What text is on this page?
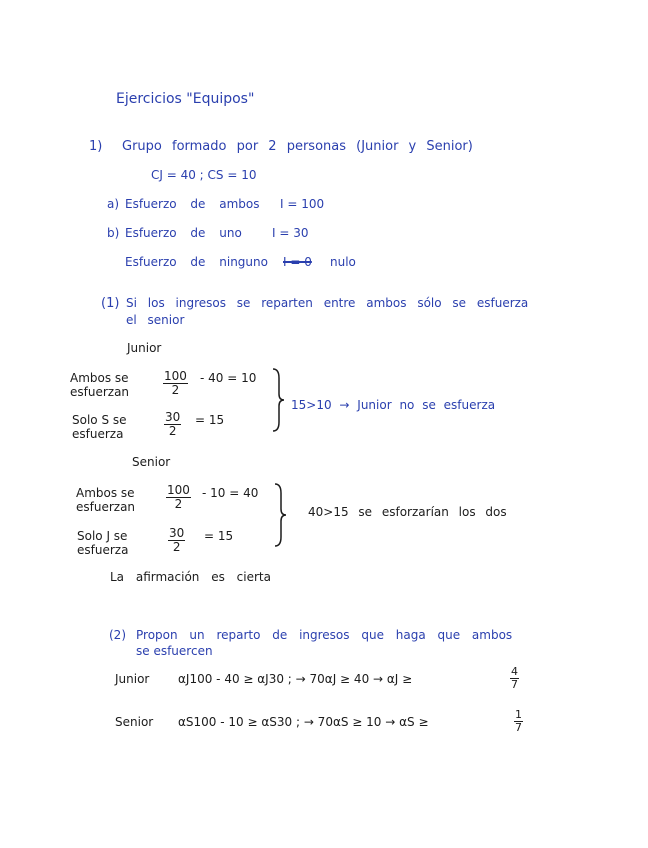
Ejercicios "Equipos"
1) Grupo formado por 2 personas (Junior y Senior)
CJ = 40 ; CS = 10
a) Esfuerzo de ambos I = 100
b) Esfuerzo de uno	I = 30
Esfuerzo de ninguno I = 0 nulo
(1) Si los ingresos se reparten entre ambos sólo se esfuerza
el senior
Junior
Ambos se
esfuerzan	$\frac{100}{2} - 40 = 10$
Solo S se
esfuerza	$\frac{30}{2} = 15$
15>10 → Junior no se esfuerza
Senior
Ambos se
esfuerzan	$\frac{100}{2} - 10 = 40$
Solo J se
esfuerza	$\frac{30}{2} = 15$
40>15 se esforzarían los dos
La afirmación es cierta
(2) Propon un reparto de ingresos que haga que ambos
se esfuercen
Junior αJ100 - 40 ≥ αJ30 ; → 70αJ ≥ 40 → αJ ≥	$\frac{4}{7}$
Senior αS100 - 10 ≥ αS30 ; → 70αS ≥ 10 → αS ≥	$\frac{1}{7}$
